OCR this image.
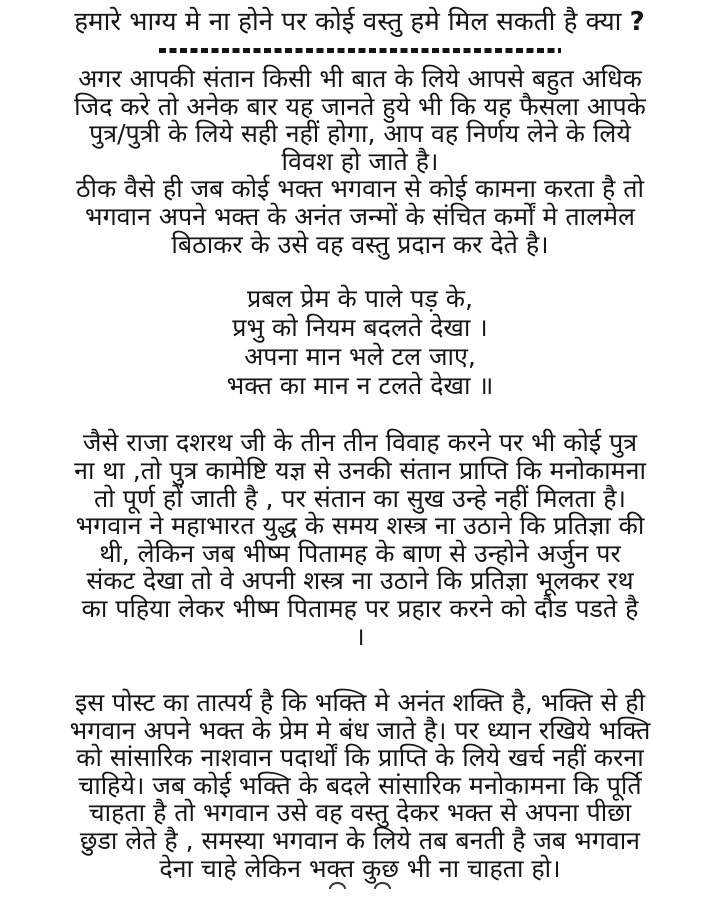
हमारे भाग्य मे ना होने पर कोई वस्तु हमे मिल सकती है क्या ?

अगर आपकी संतान किसी भी बात के लिये आपसे बहुत अधिक
जिद करे तो अनेक बार यह जानते हुये भी कि यह फैसला आपके
पुत्र/पुत्री के लिये सही नहीं होगा, आप वह निर्णय लेने के लिये
विवश हो जाते है।

ठीक वैसे ही जब कोई भक्त भगवान से कोई कामना करता है तो
भगवान अपने भक्त के अनंत जन्मों के संचित कर्मों मे तालमेल
बिठाकर के उसे वह वस्तु प्रदान कर देते है।

प्रबल प्रेम के पाले पड़ के,
प्रभु को नियम बदलते देखा ।
अपना मान भले टल जाए,
भक्त का मान न टलते देखा ॥

जैसे राजा दशरथ जी के तीन तीन विवाह करने पर भी कोई पुत्र
ना था ,तो पुत्र कामेष्टि यज्ञ से उनकी संतान प्राप्ति कि मनोकामना
तो पूर्ण हों जाती है , पर संतान का सुख उन्हे नहीं मिलता है।

भगवान ने महाभारत युद्ध के समय शस्त्र ना उठाने कि प्रतिज्ञा की
थी, लेकिन जब भीष्म पितामह के बाण से उन्होने अर्जुन पर
संकट देखा तो वे अपनी शस्त्र ना उठाने कि प्रतिज्ञा भूलकर रथ
का पहिया लेकर भीष्म पितामह पर प्रहार करने को दौड पडते है
।

इस पोस्ट का तात्पर्य है कि भक्ति मे अनंत शक्ति है, भक्ति से ही
भगवान अपने भक्त के प्रेम मे बंध जाते है। पर ध्यान रखिये भक्ति
को सांसारिक नाशवान पदार्थों कि प्राप्ति के लिये खर्च नहीं करना
चाहिये। जब कोई भक्ति के बदले सांसारिक मनोकामना कि पूर्ति
चाहता है तो भगवान उसे वह वस्तु देकर भक्त से अपना पीछा
छुडा लेते है , समस्या भगवान के लिये तब बनती है जब भगवान
देना चाहे लेकिन भक्त कुछ भी ना चाहता हो।
